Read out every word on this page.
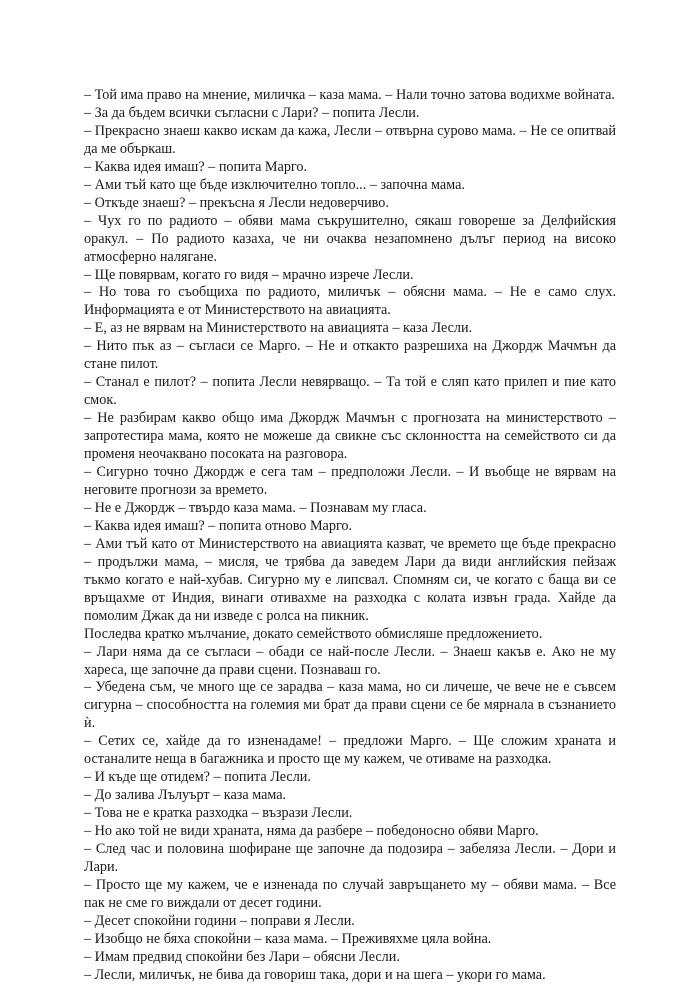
– Той има право на мнение, миличка – каза мама. – Нали точно затова водихме войната.

– За да бъдем всички съгласни с Лари? – попита Лесли.

– Прекрасно знаеш какво искам да кажа, Лесли – отвърна сурово мама. – Не се опитвай да ме объркаш.

– Каква идея имаш? – попита Марго.

– Ами тъй като ще бъде изключително топло... – започна мама.

– Откъде знаеш? – прекъсна я Лесли недоверчиво.

– Чух го по радиото – обяви мама съкрушително, сякаш говореше за Делфийския оракул. – По радиото казаха, че ни очаква незапомнено дълъг период на високо атмосферно налягане.

– Ще повярвам, когато го видя – мрачно изрече Лесли.

– Но това го съобщиха по радиото, миличък – обясни мама. – Не е само слух. Информацията е от Министерството на авиацията.

– Е, аз не вярвам на Министерството на авиацията – каза Лесли.

– Нито пък аз – съгласи се Марго. – Не и откакто разрешиха на Джордж Мачмън да стане пилот.

– Станал е пилот? – попита Лесли невярващо. – Та той е сляп като прилеп и пие като смок.

– Не разбирам какво общо има Джордж Мачмън с прогнозата на министерството – запротестира мама, която не можеше да свикне със склонността на семейството си да променя неочаквано посоката на разговора.

– Сигурно точно Джордж е сега там – предположи Лесли. – И въобще не вярвам на неговите прогнози за времето.

– Не е Джордж – твърдо каза мама. – Познавам му гласа.

– Каква идея имаш? – попита отново Марго.

– Ами тъй като от Министерството на авиацията казват, че времето ще бъде прекрасно – продължи мама, – мисля, че трябва да заведем Лари да види английския пейзаж тъкмо когато е най-хубав. Сигурно му е липсвал. Спомням си, че когато с баща ви се връщахме от Индия, винаги отивахме на разходка с колата извън града. Хайде да помолим Джак да ни изведе с ролса на пикник.

Последва кратко мълчание, докато семейството обмисляше предложението.

– Лари няма да се съгласи – обади се най-после Лесли. – Знаеш какъв е. Ако не му хареса, ще започне да прави сцени. Познаваш го.

– Убедена съм, че много ще се зарадва – каза мама, но си личеше, че вече не е съвсем сигурна – способността на големия ми брат да прави сцени се бе мярнала в съзнанието ѝ.

– Сетих се, хайде да го изненадаме! – предложи Марго. – Ще сложим храната и останалите неща в багажника и просто ще му кажем, че отиваме на разходка.

– И къде ще отидем? – попита Лесли.

– До залива Лълуърт – каза мама.

– Това не е кратка разходка – възрази Лесли.

– Но ако той не види храната, няма да разбере – победоносно обяви Марго.

– След час и половина шофиране ще започне да подозира – забеляза Лесли. – Дори и Лари.

– Просто ще му кажем, че е изненада по случай завръщането му – обяви мама. – Все пак не сме го виждали от десет години.

– Десет спокойни години – поправи я Лесли.

– Изобщо не бяха спокойни – каза мама. – Преживяхме цяла война.

– Имам предвид спокойни без Лари – обясни Лесли.

– Лесли, миличък, не бива да говориш така, дори и на шега – укори го мама.
